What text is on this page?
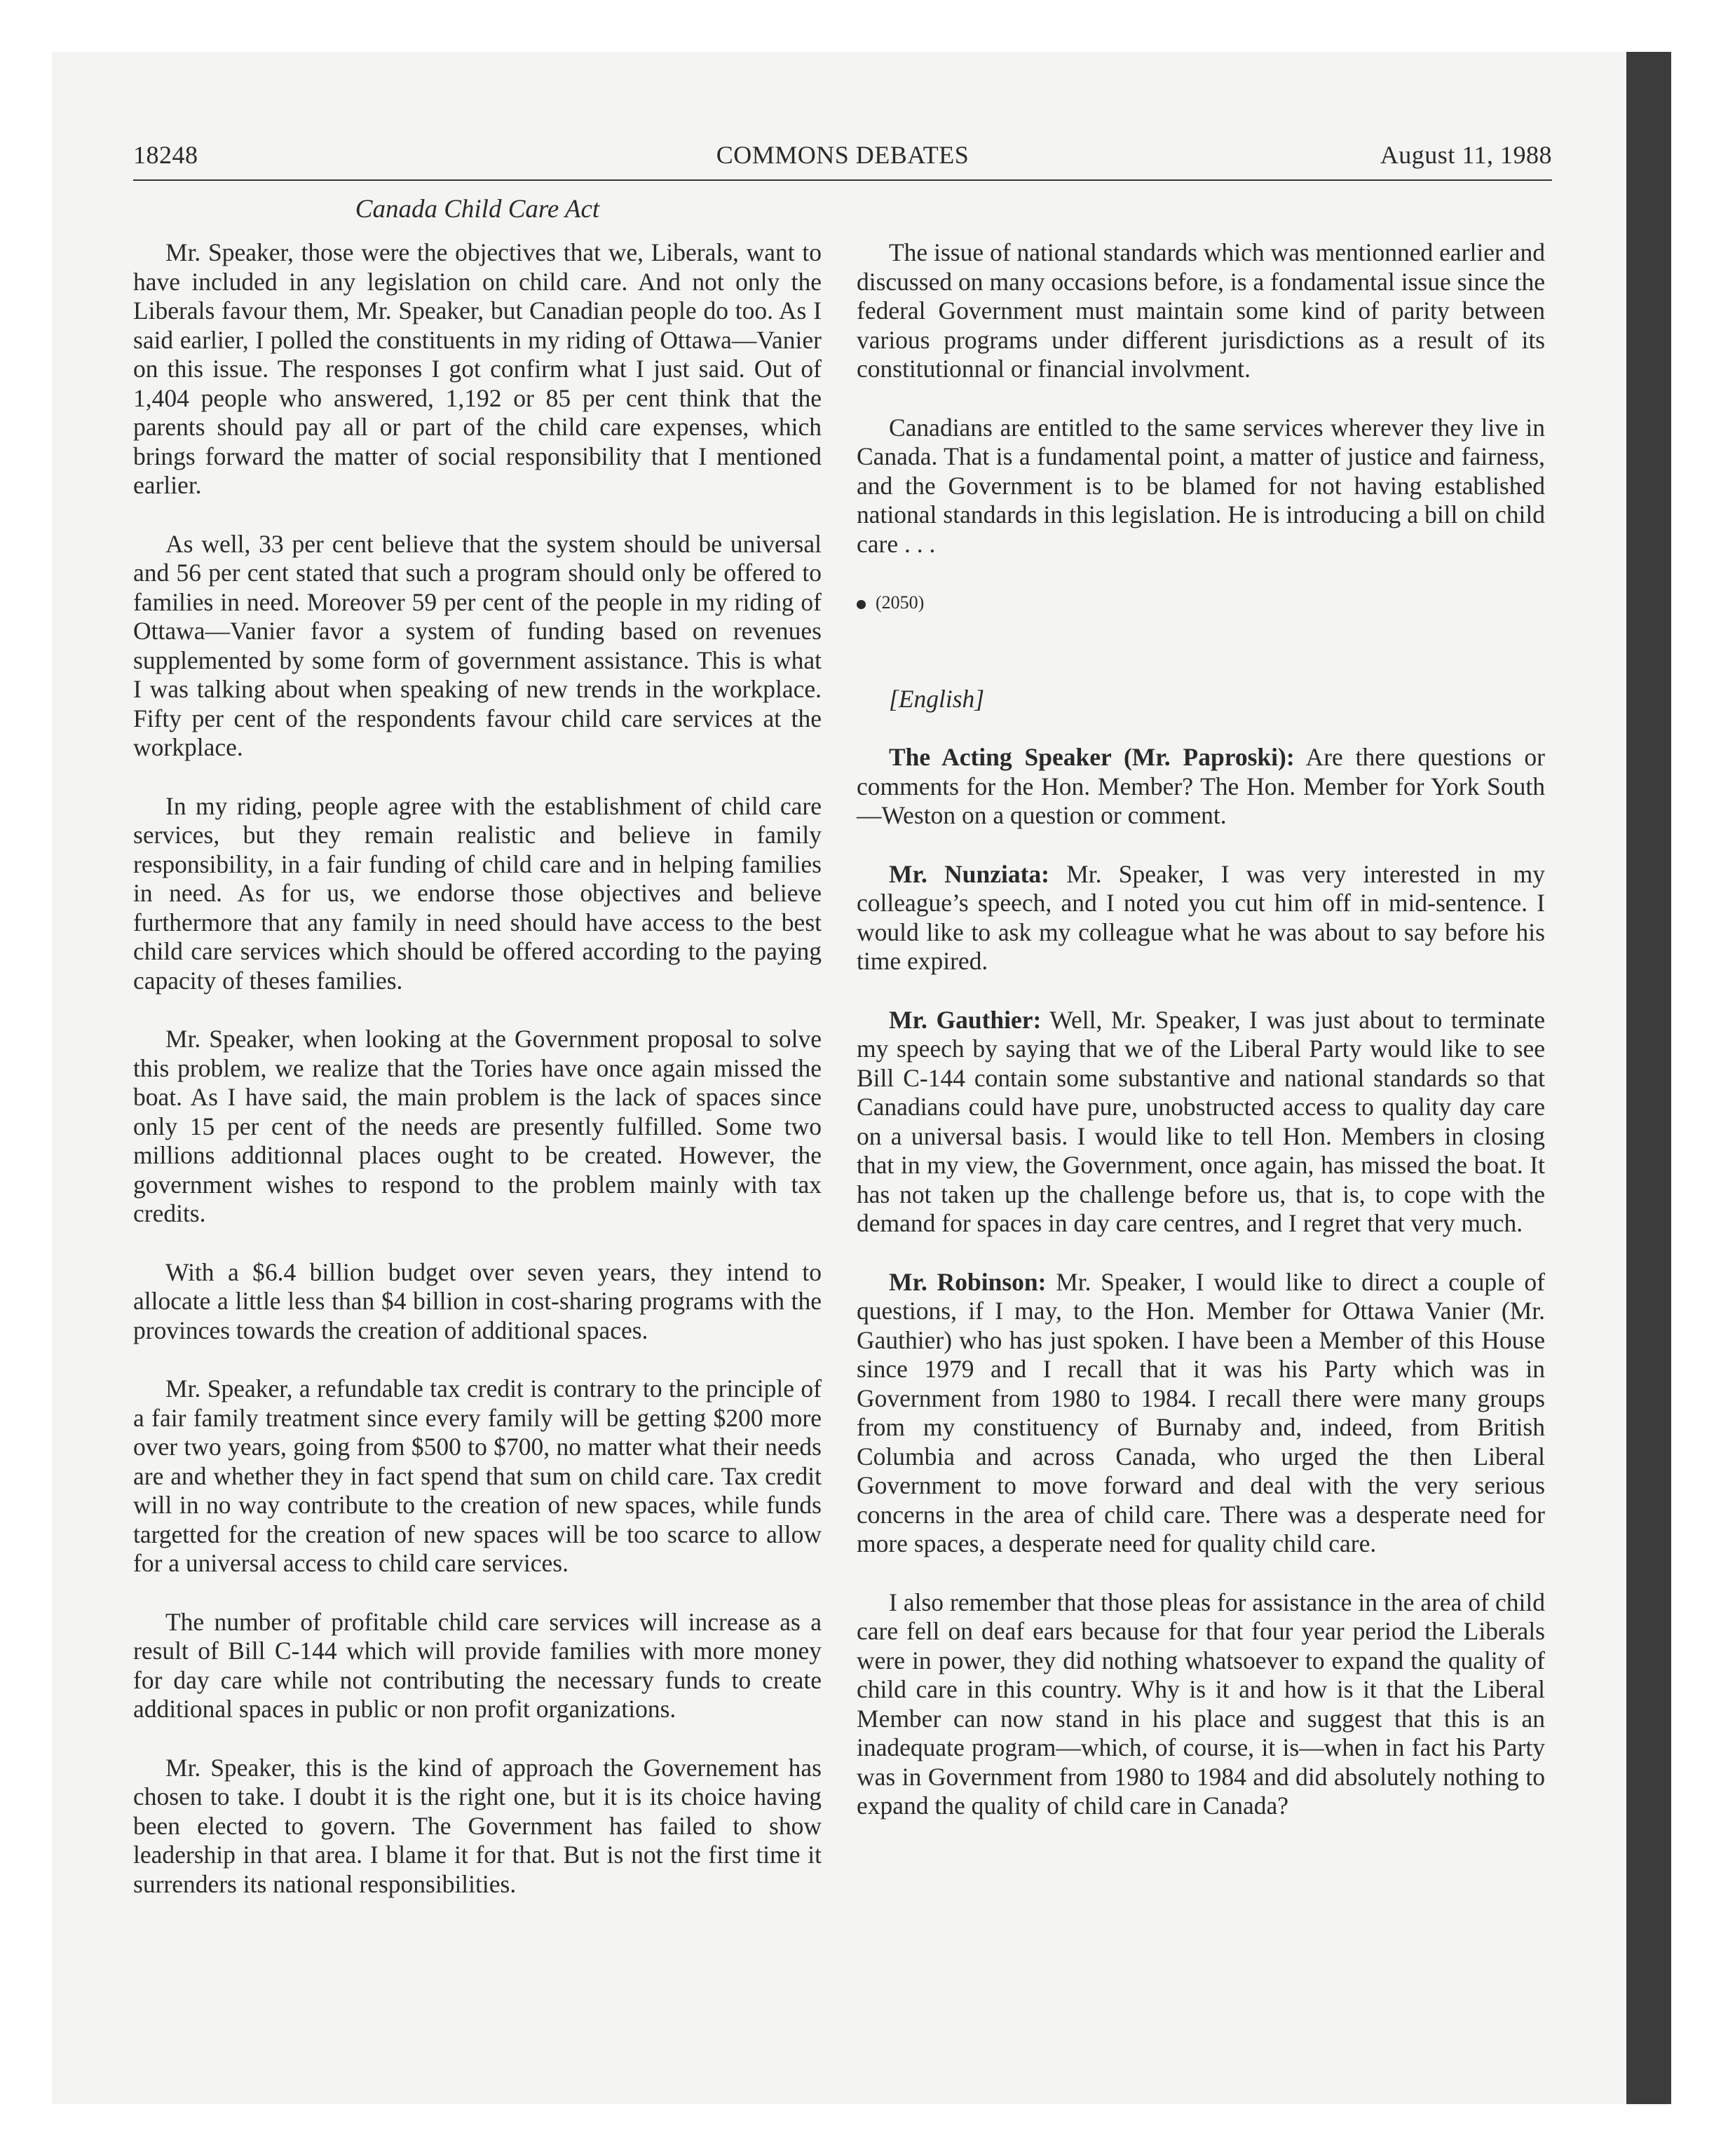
18248	COMMONS DEBATES	August 11, 1988
Canada Child Care Act

Mr. Speaker, those were the objectives that we, Liberals, want to have included in any legislation on child care. And not only the Liberals favour them, Mr. Speaker, but Canadian people do too. As I said earlier, I polled the constituents in my riding of Ottawa—Vanier on this issue. The responses I got confirm what I just said. Out of 1,404 people who answered, 1,192 or 85 per cent think that the parents should pay all or part of the child care expenses, which brings forward the matter of social responsibility that I mentioned earlier.

As well, 33 per cent believe that the system should be universal and 56 per cent stated that such a program should only be offered to families in need. Moreover 59 per cent of the people in my riding of Ottawa—Vanier favor a system of funding based on revenues supplemented by some form of government assistance. This is what I was talking about when speaking of new trends in the workplace. Fifty per cent of the respondents favour child care services at the workplace.

In my riding, people agree with the establishment of child care services, but they remain realistic and believe in family responsibility, in a fair funding of child care and in helping families in need. As for us, we endorse those objectives and believe furthermore that any family in need should have access to the best child care services which should be offered according to the paying capacity of theses families.

Mr. Speaker, when looking at the Government proposal to solve this problem, we realize that the Tories have once again missed the boat. As I have said, the main problem is the lack of spaces since only 15 per cent of the needs are presently fulfilled. Some two millions additionnal places ought to be created. However, the government wishes to respond to the problem mainly with tax credits.

With a $6.4 billion budget over seven years, they intend to allocate a little less than $4 billion in cost-sharing programs with the provinces towards the creation of additional spaces.

Mr. Speaker, a refundable tax credit is contrary to the principle of a fair family treatment since every family will be getting $200 more over two years, going from $500 to $700, no matter what their needs are and whether they in fact spend that sum on child care. Tax credit will in no way contribute to the creation of new spaces, while funds targetted for the creation of new spaces will be too scarce to allow for a universal access to child care services.

The number of profitable child care services will increase as a result of Bill C-144 which will provide families with more money for day care while not contributing the necessary funds to create additional spaces in public or non profit organizations.

Mr. Speaker, this is the kind of approach the Governement has chosen to take. I doubt it is the right one, but it is its choice having been elected to govern. The Government has failed to show leadership in that area. I blame it for that. But is not the first time it surrenders its national responsibilities.

The issue of national standards which was mentionned earlier and discussed on many occasions before, is a fondamental issue since the federal Government must maintain some kind of parity between various programs under different jurisdictions as a result of its constitutionnal or financial involvment.

Canadians are entitled to the same services wherever they live in Canada. That is a fundamental point, a matter of justice and fairness, and the Government is to be blamed for not having established national standards in this legislation. He is introducing a bill on child care . . .

(2050)

[English]

The Acting Speaker (Mr. Paproski): Are there questions or comments for the Hon. Member? The Hon. Member for York South—Weston on a question or comment.

Mr. Nunziata: Mr. Speaker, I was very interested in my colleague’s speech, and I noted you cut him off in mid-sentence. I would like to ask my colleague what he was about to say before his time expired.

Mr. Gauthier: Well, Mr. Speaker, I was just about to terminate my speech by saying that we of the Liberal Party would like to see Bill C-144 contain some substantive and national standards so that Canadians could have pure, unobstructed access to quality day care on a universal basis. I would like to tell Hon. Members in closing that in my view, the Government, once again, has missed the boat. It has not taken up the challenge before us, that is, to cope with the demand for spaces in day care centres, and I regret that very much.

Mr. Robinson: Mr. Speaker, I would like to direct a couple of questions, if I may, to the Hon. Member for Ottawa Vanier (Mr. Gauthier) who has just spoken. I have been a Member of this House since 1979 and I recall that it was his Party which was in Government from 1980 to 1984. I recall there were many groups from my constituency of Burnaby and, indeed, from British Columbia and across Canada, who urged the then Liberal Government to move forward and deal with the very serious concerns in the area of child care. There was a desperate need for more spaces, a desperate need for quality child care.

I also remember that those pleas for assistance in the area of child care fell on deaf ears because for that four year period the Liberals were in power, they did nothing whatsoever to expand the quality of child care in this country. Why is it and how is it that the Liberal Member can now stand in his place and suggest that this is an inadequate program—which, of course, it is—when in fact his Party was in Government from 1980 to 1984 and did absolutely nothing to expand the quality of child care in Canada?
